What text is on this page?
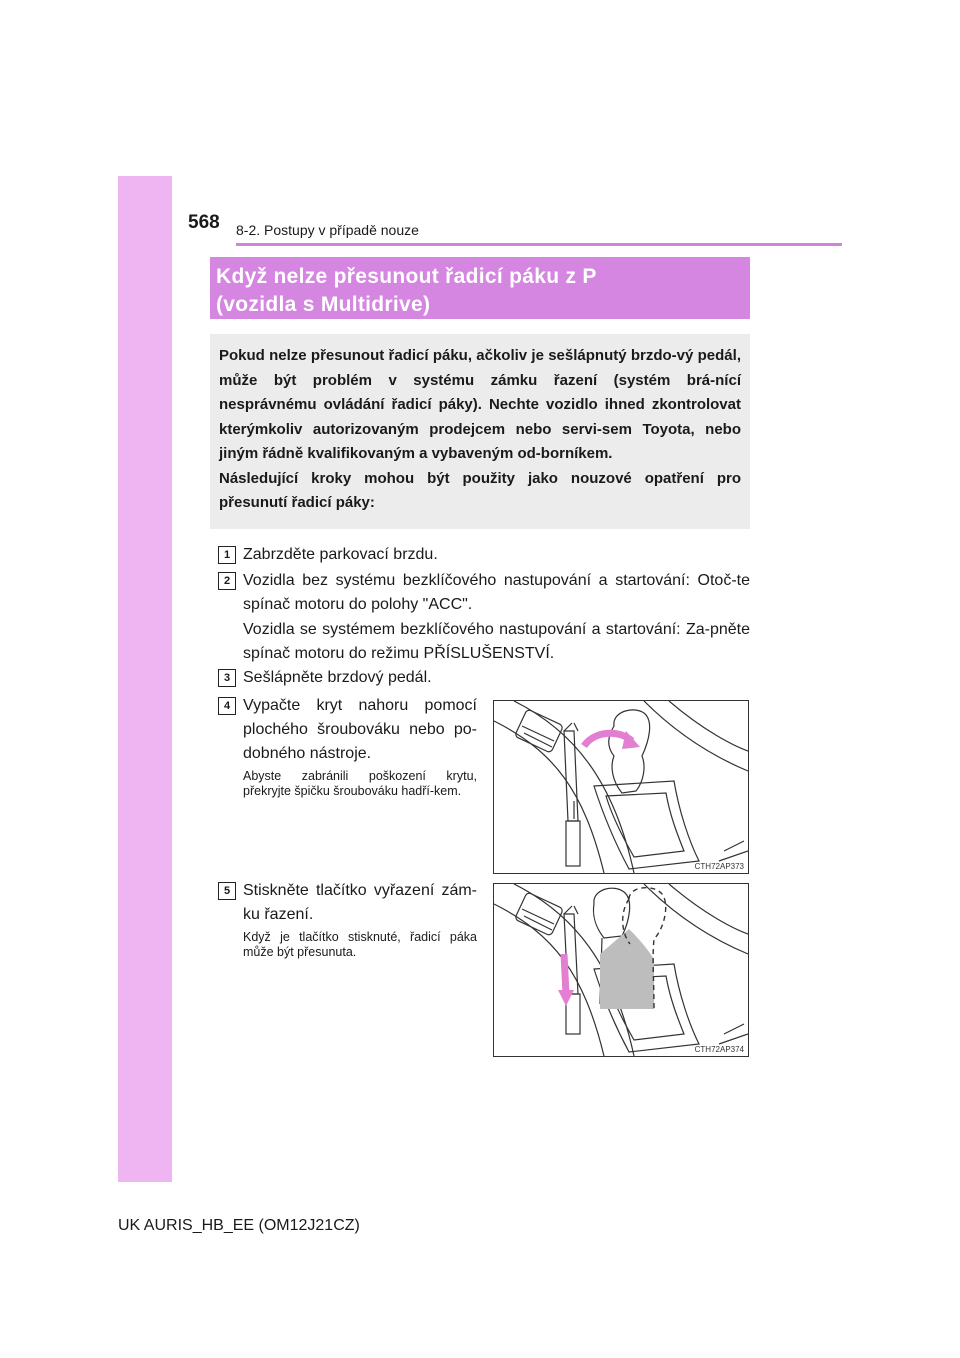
568 8-2. Postupy v případě nouze
Když nelze přesunout řadicí páku z P
(vozidla s Multidrive)

Pokud nelze přesunout řadicí páku, ačkoliv je sešlápnutý brzdo-vý pedál, může být problém v systému zámku řazení (systém brá-nící nesprávnému ovládání řadicí páky). Nechte vozidlo ihned zkontrolovat kterýmkoliv autorizovaným prodejcem nebo servi-sem Toyota, nebo jiným řádně kvalifikovaným a vybaveným od-borníkem.

Následující kroky mohou být použity jako nouzové opatření pro přesunutí řadicí páky:

1 Zabrzděte parkovací brzdu.

2 Vozidla bez systému bezklíčového nastupování a startování: Otoč-te spínač motoru do polohy "ACC".

Vozidla se systémem bezklíčového nastupování a startování: Za-pněte spínač motoru do režimu PŘÍSLUŠENSTVÍ.

3 Sešlápněte brzdový pedál.

4 Vypačte kryt nahoru pomocí plochého šroubováku nebo po-dobného nástroje.

Abyste zabránili poškození krytu, překryjte špičku šroubováku hadří-kem.

CTH72AP373
5 Stiskněte tlačítko vyřazení zám-ku řazení.

Když je tlačítko stisknuté, řadicí páka může být přesunuta.

CTH72AP374
UK AURIS_HB_EE (OM12J21CZ)
